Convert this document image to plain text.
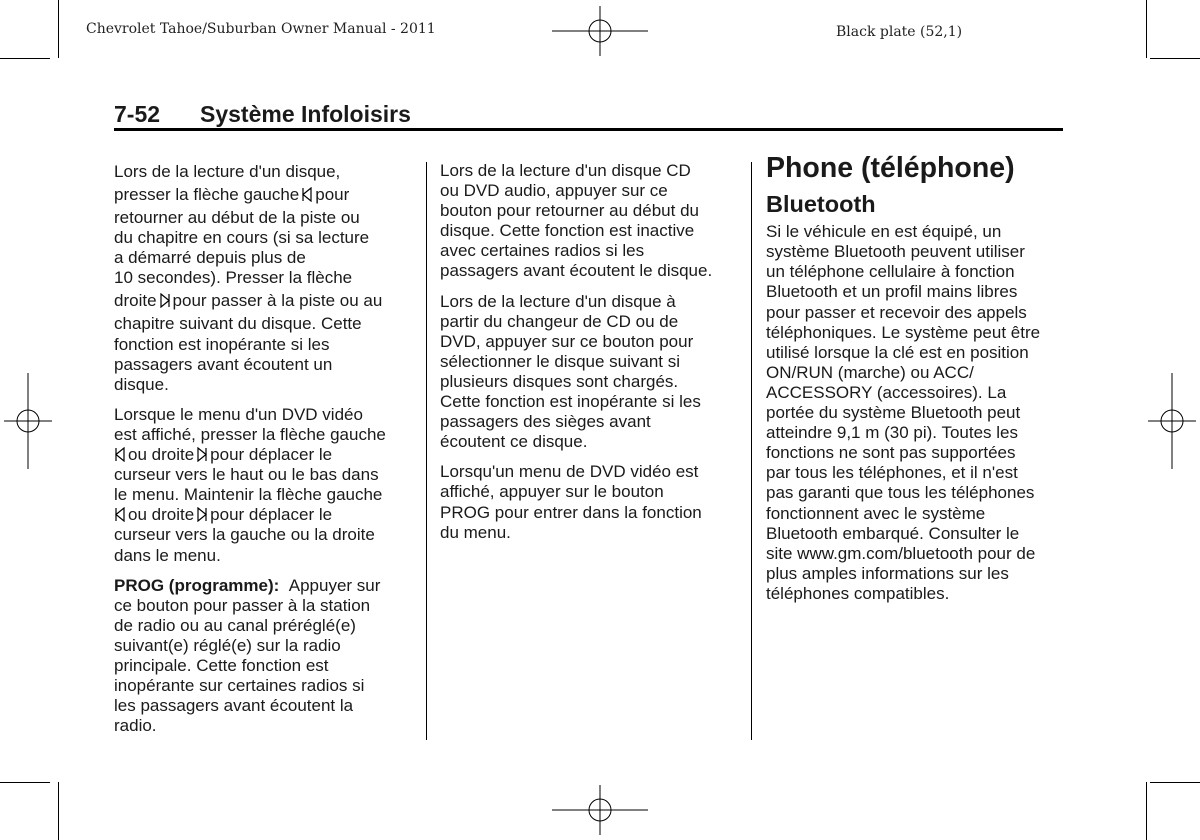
Chevrolet Tahoe/Suburban Owner Manual - 2011	Black plate (52,1)
7-52 Système Infoloisirs

Lors de la lecture d'un disque,
presser la flèche gauche pour
retourner au début de la piste ou
du chapitre en cours (si sa lecture
a démarré depuis plus de
10 secondes). Presser la flèche
droite pour passer à la piste ou au
chapitre suivant du disque. Cette
fonction est inopérante si les
passagers avant écoutent un
disque.

Lorsque le menu d'un DVD vidéo
est affiché, presser la flèche gauche
ou droite pour déplacer le
curseur vers le haut ou le bas dans
le menu. Maintenir la flèche gauche
ou droite pour déplacer le
curseur vers la gauche ou la droite
dans le menu.

PROG (programme): Appuyer sur
ce bouton pour passer à la station
de radio ou au canal préréglé(e)
suivant(e) réglé(e) sur la radio
principale. Cette fonction est
inopérante sur certaines radios si
les passagers avant écoutent la
radio.

Lors de la lecture d'un disque CD
ou DVD audio, appuyer sur ce
bouton pour retourner au début du
disque. Cette fonction est inactive
avec certaines radios si les
passagers avant écoutent le disque.

Lors de la lecture d'un disque à
partir du changeur de CD ou de
DVD, appuyer sur ce bouton pour
sélectionner le disque suivant si
plusieurs disques sont chargés.
Cette fonction est inopérante si les
passagers des sièges avant
écoutent ce disque.

Lorsqu'un menu de DVD vidéo est
affiché, appuyer sur le bouton
PROG pour entrer dans la fonction
du menu.

Phone (téléphone)
Bluetooth

Si le véhicule en est équipé, un
système Bluetooth peuvent utiliser
un téléphone cellulaire à fonction
Bluetooth et un profil mains libres
pour passer et recevoir des appels
téléphoniques. Le système peut être
utilisé lorsque la clé est en position
ON/RUN (marche) ou ACC/
ACCESSORY (accessoires). La
portée du système Bluetooth peut
atteindre 9,1 m (30 pi). Toutes les
fonctions ne sont pas supportées
par tous les téléphones, et il n'est
pas garanti que tous les téléphones
fonctionnent avec le système
Bluetooth embarqué. Consulter le
site www.gm.com/bluetooth pour de
plus amples informations sur les
téléphones compatibles.
